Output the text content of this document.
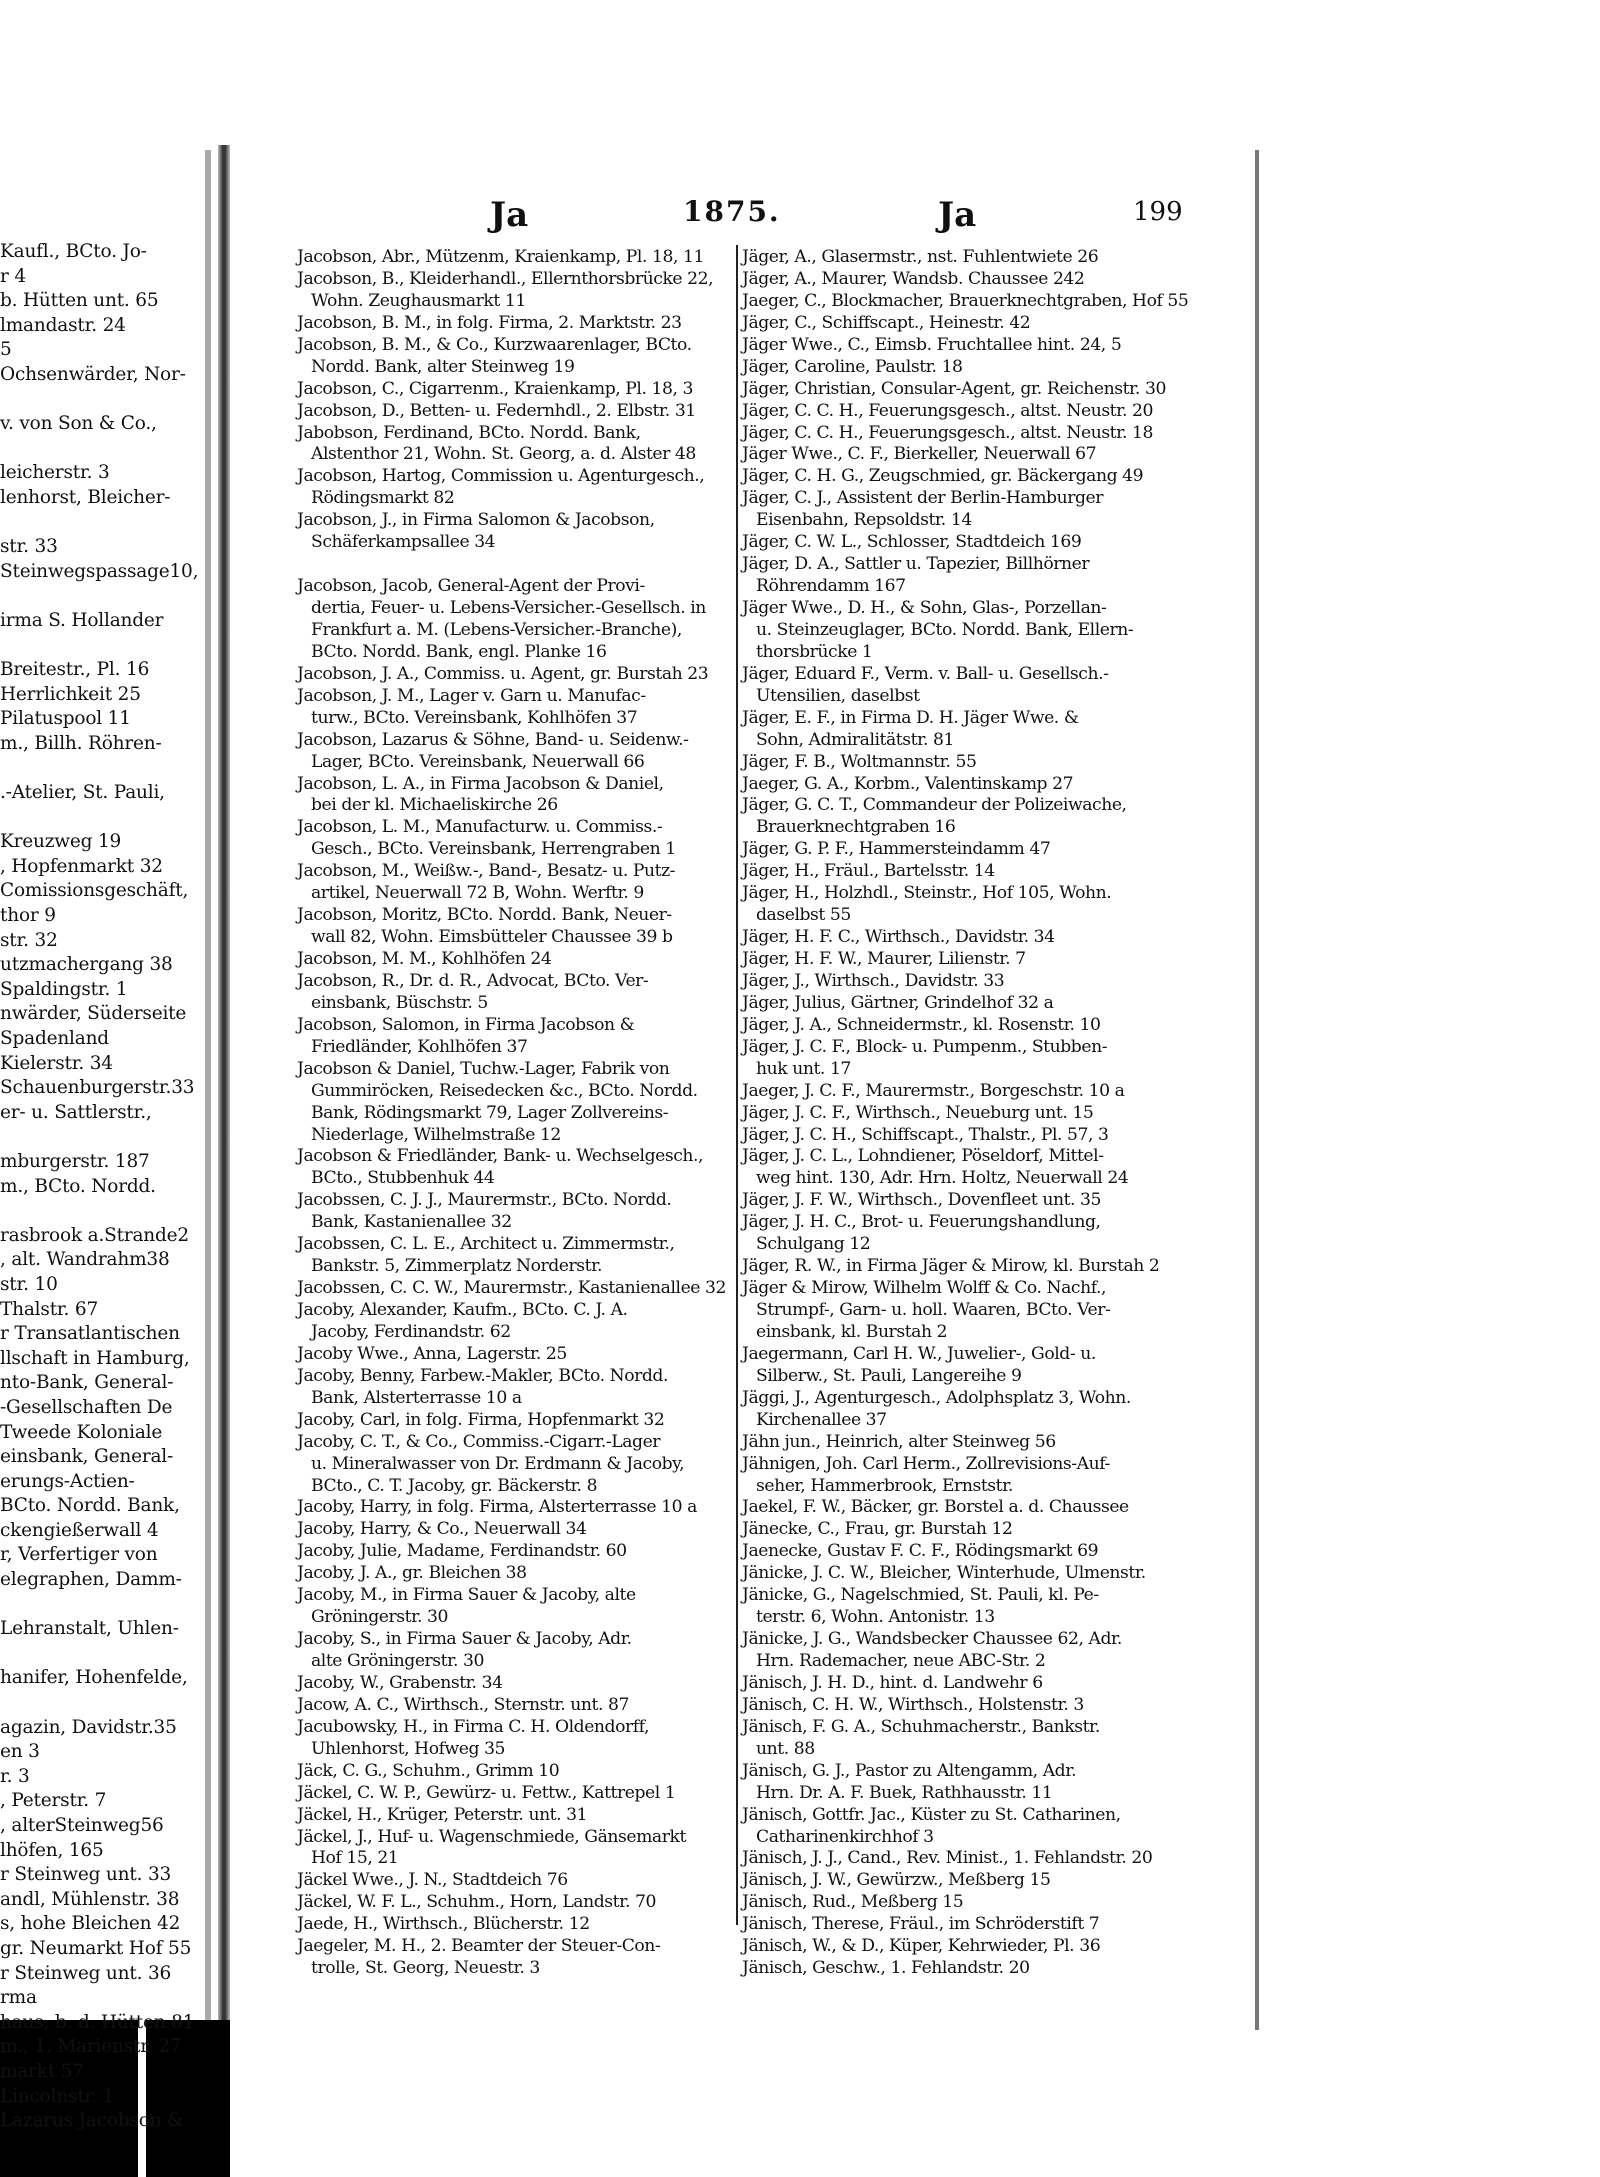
Kaufl., BCto. Jo-
r 4
b. Hütten unt. 65
lmandastr. 24
5
Ochsenwärder, Nor-
v. von Son & Co.,
leicherstr. 3
lenhorst, Bleicher-
str. 33
Steinwegspassage10,
irma S. Hollander
Breitestr., Pl. 16
Herrlichkeit 25
Pilatuspool 11
m., Billh. Röhren-
.-Atelier, St. Pauli,
Kreuzweg 19
, Hopfenmarkt 32
Comissionsgeschäft,
thor 9
str. 32
utzmachergang 38
Spaldingstr. 1
nwärder, Süderseite
Spadenland
Kielerstr. 34
Schauenburgerstr.33
er- u. Sattlerstr.,
mburgerstr. 187
m., BCto. Nordd.
rasbrook a.Strande2
, alt. Wandrahm38
str. 10
Thalstr. 67
r Transatlantischen
llschaft in Hamburg,
nto-Bank, General-
-Gesellschaften De
Tweede Koloniale
einsbank, General-
erungs-Actien-
BCto. Nordd. Bank,
ckengießerwall 4
r, Verfertiger von
elegraphen, Damm-
Lehranstalt, Uhlen-
hanifer, Hohenfelde,
agazin, Davidstr.35
en 3
r. 3
, Peterstr. 7
, alterSteinweg56
lhöfen, 165
r Steinweg unt. 33
andl, Mühlenstr. 38
s, hohe Bleichen 42
gr. Neumarkt Hof 55
r Steinweg unt. 36
rma
haus, b. d. Hütten 81
m., 1. Marienstr. 27
markt 57
Lincolnstr. 1
Lazarus Jacobson &
Ja	1875.	Ja	199
Jacobson, Abr., Mützenm, Kraienkamp, Pl. 18, 11
Jacobson, B., Kleiderhandl., Ellernthorsbrücke 22,
Wohn. Zeughausmarkt 11
Jacobson, B. M., in folg. Firma, 2. Marktstr. 23
Jacobson, B. M., & Co., Kurzwaarenlager, BCto.
Nordd. Bank, alter Steinweg 19
Jacobson, C., Cigarrenm., Kraienkamp, Pl. 18, 3
Jacobson, D., Betten- u. Federnhdl., 2. Elbstr. 31
Jabobson, Ferdinand, BCto. Nordd. Bank,
Alstenthor 21, Wohn. St. Georg, a. d. Alster 48
Jacobson, Hartog, Commission u. Agenturgesch.,
Rödingsmarkt 82
Jacobson, J., in Firma Salomon & Jacobson,
Schäferkampsallee 34
Jacobson, Jacob, General-Agent der Provi-
dertia, Feuer- u. Lebens-Versicher.-Gesellsch. in
Frankfurt a. M. (Lebens-Versicher.-Branche),
BCto. Nordd. Bank, engl. Planke 16
Jacobson, J. A., Commiss. u. Agent, gr. Burstah 23
Jacobson, J. M., Lager v. Garn u. Manufac-
turw., BCto. Vereinsbank, Kohlhöfen 37
Jacobson, Lazarus & Söhne, Band- u. Seidenw.-
Lager, BCto. Vereinsbank, Neuerwall 66
Jacobson, L. A., in Firma Jacobson & Daniel,
bei der kl. Michaeliskirche 26
Jacobson, L. M., Manufacturw. u. Commiss.-
Gesch., BCto. Vereinsbank, Herrengraben 1
Jacobson, M., Weißw.-, Band-, Besatz- u. Putz-
artikel, Neuerwall 72 B, Wohn. Werftr. 9
Jacobson, Moritz, BCto. Nordd. Bank, Neuer-
wall 82, Wohn. Eimsbütteler Chaussee 39 b
Jacobson, M. M., Kohlhöfen 24
Jacobson, R., Dr. d. R., Advocat, BCto. Ver-
einsbank, Büschstr. 5
Jacobson, Salomon, in Firma Jacobson &
Friedländer, Kohlhöfen 37
Jacobson & Daniel, Tuchw.-Lager, Fabrik von
Gummiröcken, Reisedecken &c., BCto. Nordd.
Bank, Rödingsmarkt 79, Lager Zollvereins-
Niederlage, Wilhelmstraße 12
Jacobson & Friedländer, Bank- u. Wechselgesch.,
BCto., Stubbenhuk 44
Jacobssen, C. J. J., Maurermstr., BCto. Nordd.
Bank, Kastanienallee 32
Jacobssen, C. L. E., Architect u. Zimmermstr.,
Bankstr. 5, Zimmerplatz Norderstr.
Jacobssen, C. C. W., Maurermstr., Kastanienallee 32
Jacoby, Alexander, Kaufm., BCto. C. J. A.
Jacoby, Ferdinandstr. 62
Jacoby Wwe., Anna, Lagerstr. 25
Jacoby, Benny, Farbew.-Makler, BCto. Nordd.
Bank, Alsterterrasse 10 a
Jacoby, Carl, in folg. Firma, Hopfenmarkt 32
Jacoby, C. T., & Co., Commiss.-Cigarr.-Lager
u. Mineralwasser von Dr. Erdmann & Jacoby,
BCto., C. T. Jacoby, gr. Bäckerstr. 8
Jacoby, Harry, in folg. Firma, Alsterterrasse 10 a
Jacoby, Harry, & Co., Neuerwall 34
Jacoby, Julie, Madame, Ferdinandstr. 60
Jacoby, J. A., gr. Bleichen 38
Jacoby, M., in Firma Sauer & Jacoby, alte
Gröningerstr. 30
Jacoby, S., in Firma Sauer & Jacoby, Adr.
alte Gröningerstr. 30
Jacoby, W., Grabenstr. 34
Jacow, A. C., Wirthsch., Sternstr. unt. 87
Jacubowsky, H., in Firma C. H. Oldendorff,
Uhlenhorst, Hofweg 35
Jäck, C. G., Schuhm., Grimm 10
Jäckel, C. W. P., Gewürz- u. Fettw., Kattrepel 1
Jäckel, H., Krüger, Peterstr. unt. 31
Jäckel, J., Huf- u. Wagenschmiede, Gänsemarkt
Hof 15, 21
Jäckel Wwe., J. N., Stadtdeich 76
Jäckel, W. F. L., Schuhm., Horn, Landstr. 70
Jaede, H., Wirthsch., Blücherstr. 12
Jaegeler, M. H., 2. Beamter der Steuer-Con-
trolle, St. Georg, Neuestr. 3
Jäger, A., Glasermstr., nst. Fuhlentwiete 26
Jäger, A., Maurer, Wandsb. Chaussee 242
Jaeger, C., Blockmacher, Brauerknechtgraben, Hof 55
Jäger, C., Schiffscapt., Heinestr. 42
Jäger Wwe., C., Eimsb. Fruchtallee hint. 24, 5
Jäger, Caroline, Paulstr. 18
Jäger, Christian, Consular-Agent, gr. Reichenstr. 30
Jäger, C. C. H., Feuerungsgesch., altst. Neustr. 20
Jäger, C. C. H., Feuerungsgesch., altst. Neustr. 18
Jäger Wwe., C. F., Bierkeller, Neuerwall 67
Jäger, C. H. G., Zeugschmied, gr. Bäckergang 49
Jäger, C. J., Assistent der Berlin-Hamburger
Eisenbahn, Repsoldstr. 14
Jäger, C. W. L., Schlosser, Stadtdeich 169
Jäger, D. A., Sattler u. Tapezier, Billhörner
Röhrendamm 167
Jäger Wwe., D. H., & Sohn, Glas-, Porzellan-
u. Steinzeuglager, BCto. Nordd. Bank, Ellern-
thorsbrücke 1
Jäger, Eduard F., Verm. v. Ball- u. Gesellsch.-
Utensilien, daselbst
Jäger, E. F., in Firma D. H. Jäger Wwe. &
Sohn, Admiralitätstr. 81
Jäger, F. B., Woltmannstr. 55
Jaeger, G. A., Korbm., Valentinskamp 27
Jäger, G. C. T., Commandeur der Polizeiwache,
Brauerknechtgraben 16
Jäger, G. P. F., Hammersteindamm 47
Jäger, H., Fräul., Bartelsstr. 14
Jäger, H., Holzhdl., Steinstr., Hof 105, Wohn.
daselbst 55
Jäger, H. F. C., Wirthsch., Davidstr. 34
Jäger, H. F. W., Maurer, Lilienstr. 7
Jäger, J., Wirthsch., Davidstr. 33
Jäger, Julius, Gärtner, Grindelhof 32 a
Jäger, J. A., Schneidermstr., kl. Rosenstr. 10
Jäger, J. C. F., Block- u. Pumpenm., Stubben-
huk unt. 17
Jaeger, J. C. F., Maurermstr., Borgeschstr. 10 a
Jäger, J. C. F., Wirthsch., Neueburg unt. 15
Jäger, J. C. H., Schiffscapt., Thalstr., Pl. 57, 3
Jäger, J. C. L., Lohndiener, Pöseldorf, Mittel-
weg hint. 130, Adr. Hrn. Holtz, Neuerwall 24
Jäger, J. F. W., Wirthsch., Dovenfleet unt. 35
Jäger, J. H. C., Brot- u. Feuerungshandlung,
Schulgang 12
Jäger, R. W., in Firma Jäger & Mirow, kl. Burstah 2
Jäger & Mirow, Wilhelm Wolff & Co. Nachf.,
Strumpf-, Garn- u. holl. Waaren, BCto. Ver-
einsbank, kl. Burstah 2
Jaegermann, Carl H. W., Juwelier-, Gold- u.
Silberw., St. Pauli, Langereihe 9
Jäggi, J., Agenturgesch., Adolphsplatz 3, Wohn.
Kirchenallee 37
Jähn jun., Heinrich, alter Steinweg 56
Jähnigen, Joh. Carl Herm., Zollrevisions-Auf-
seher, Hammerbrook, Ernststr.
Jaekel, F. W., Bäcker, gr. Borstel a. d. Chaussee
Jänecke, C., Frau, gr. Burstah 12
Jaenecke, Gustav F. C. F., Rödingsmarkt 69
Jänicke, J. C. W., Bleicher, Winterhude, Ulmenstr.
Jänicke, G., Nagelschmied, St. Pauli, kl. Pe-
terstr. 6, Wohn. Antonistr. 13
Jänicke, J. G., Wandsbecker Chaussee 62, Adr.
Hrn. Rademacher, neue ABC-Str. 2
Jänisch, J. H. D., hint. d. Landwehr 6
Jänisch, C. H. W., Wirthsch., Holstenstr. 3
Jänisch, F. G. A., Schuhmacherstr., Bankstr.
unt. 88
Jänisch, G. J., Pastor zu Altengamm, Adr.
Hrn. Dr. A. F. Buek, Rathhausstr. 11
Jänisch, Gottfr. Jac., Küster zu St. Catharinen,
Catharinenkirchhof 3
Jänisch, J. J., Cand., Rev. Minist., 1. Fehlandstr. 20
Jänisch, J. W., Gewürzw., Meßberg 15
Jänisch, Rud., Meßberg 15
Jänisch, Therese, Fräul., im Schröderstift 7
Jänisch, W., & D., Küper, Kehrwieder, Pl. 36
Jänisch, Geschw., 1. Fehlandstr. 20
